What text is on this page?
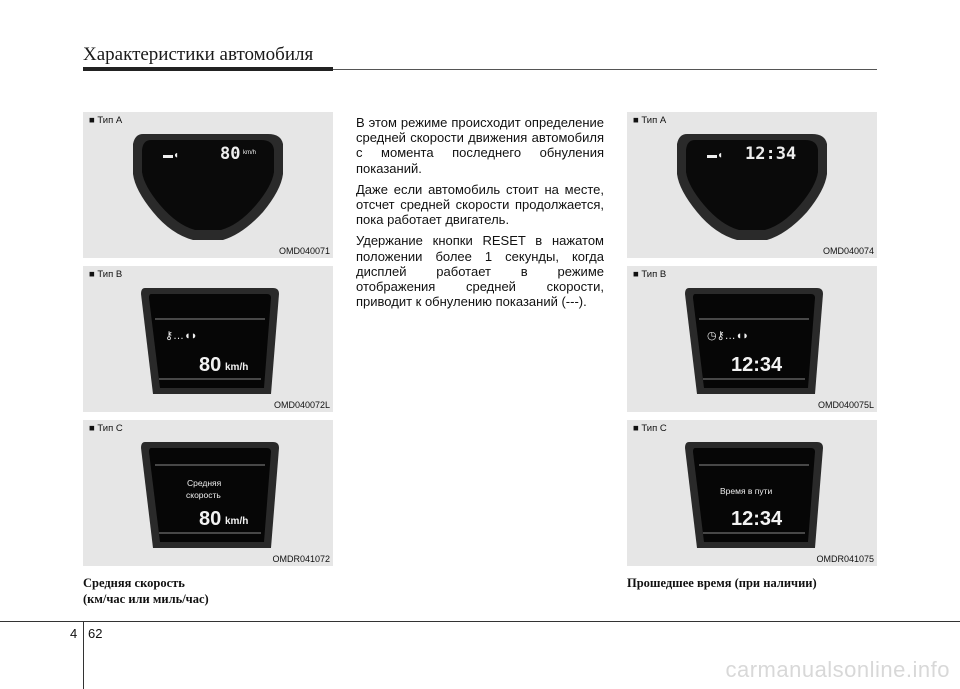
Характеристики автомобиля
▬◖ 80 km/h
■ Тип A
OMD040071
⚷…◖◗
80 km/h
■ Тип B
OMD040072L
Средняя
скорость
80 km/h
■ Тип C
OMDR041072
Средняя скорость
(км/час или миль/час)

В этом режиме происходит определение средней скорости движения автомобиля с момента последнего обнуления показаний.

Даже если автомобиль стоит на месте, отсчет средней скорости продолжается, пока работает двигатель.

Удержание кнопки RESET в нажатом положении более 1 секунды, когда дисплей работает в режиме отображения средней скорости, приводит к обнулению показаний (---).

▬◖ 12:34
■ Тип A
OMD040074
◷⚷…◖◗
12:34
■ Тип B
OMD040075L
Время в пути
12:34
■ Тип C
OMDR041075
Прошедшее время (при наличии)
4 62
carmanualsonline.info
